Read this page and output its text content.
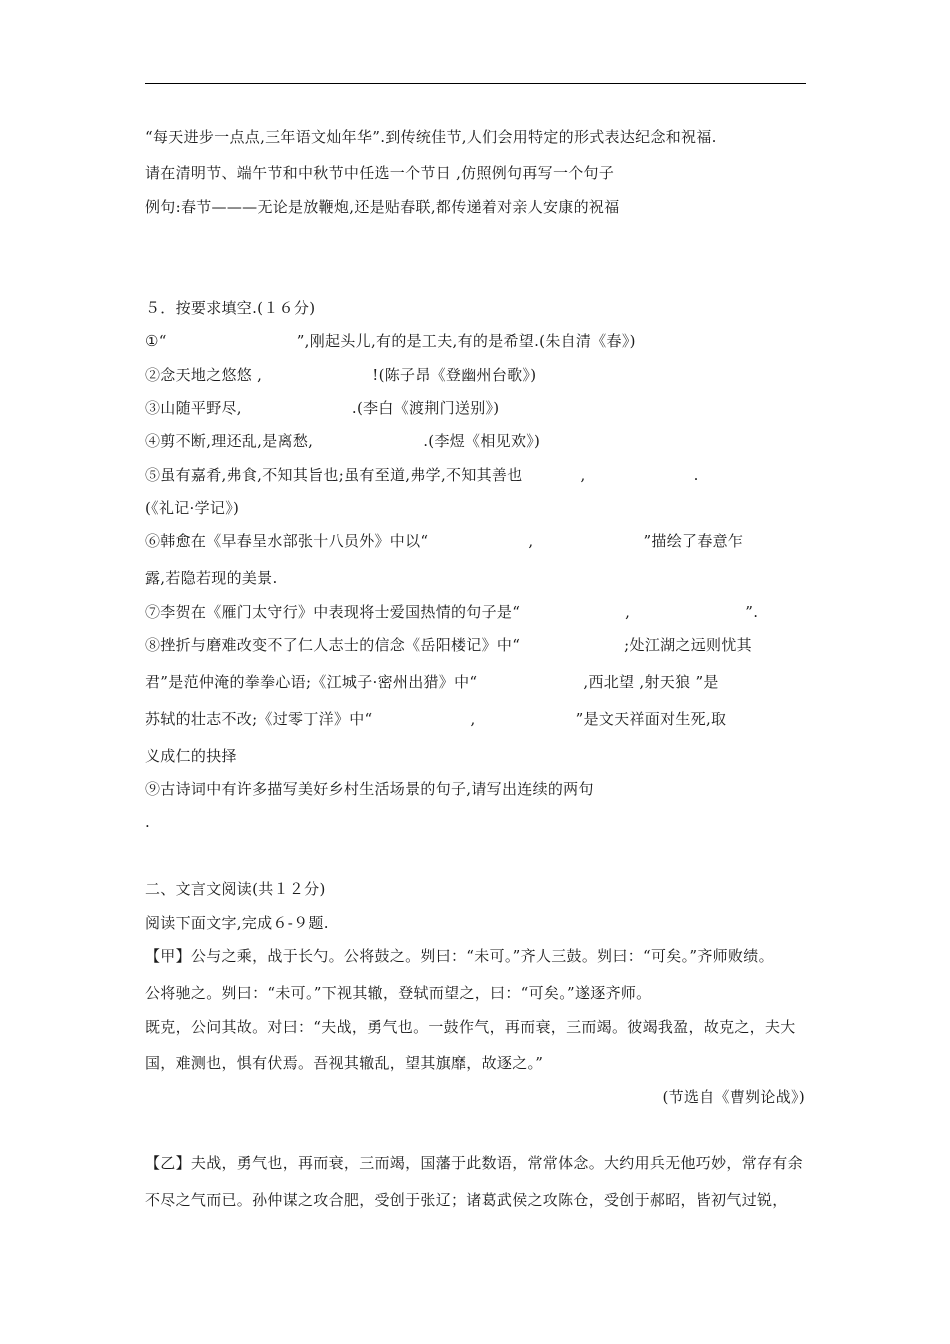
“每天进步一点点,三年语文灿年华”.到传统佳节,人们会用特定的形式表达纪念和祝福.
请在清明节、端午节和中秋节中任选一个节日 ,仿照例句再写一个句子
例句:春节———无论是放鞭炮,还是贴春联,都传递着对亲人安康的祝福
５．按要求填空.(１６分)
①“	”,刚起头儿,有的是工夫,有的是希望.(朱自清《春》)
②念天地之悠悠 ,	!(陈子昂《登幽州台歌》)
③山随平野尽,	.(李白《渡荆门送别》)
④剪不断,理还乱,是离愁,	.(李煜《相见欢》)
⑤虽有嘉肴,弗食,不知其旨也;虽有至道,弗学,不知其善也	,	.
(《礼记·学记》)
⑥韩愈在《早春呈水部张十八员外》中以“	,	”描绘了春意乍
露,若隐若现的美景.
⑦李贺在《雁门太守行》中表现将士爱国热情的句子是“	,	”.
⑧挫折与磨难改变不了仁人志士的信念《岳阳楼记》中“	;处江湖之远则忧其
君”是范仲淹的拳拳心语;《江城子·密州出猎》中“	,西北望 ,射天狼 ”是
苏轼的壮志不改;《过零丁洋》中“	,	”是文天祥面对生死,取
义成仁的抉择
⑨古诗词中有许多描写美好乡村生活场景的句子,请写出连续的两句
.
二、文言文阅读(共１２分)
阅读下面文字,完成６-９题.
【甲】公与之乘，战于长勺。公将鼓之。刿曰：“未可。”齐人三鼓。刿曰：“可矣。”齐师败绩。
公将驰之。刿曰：“未可。”下视其辙，登轼而望之，曰：“可矣。”遂逐齐师。
既克，公问其故。对曰：“夫战，勇气也。一鼓作气，再而衰，三而竭。彼竭我盈，故克之，夫大
国，难测也，惧有伏焉。吾视其辙乱，望其旗靡，故逐之。”
(节选自《曹刿论战》)
【乙】夫战，勇气也，再而衰，三而竭，国藩于此数语，常常体念。大约用兵无他巧妙，常存有余
不尽之气而已。孙仲谋之攻合肥，受创于张辽；诸葛武侯之攻陈仓，受创于郝昭，皆初气过锐，
